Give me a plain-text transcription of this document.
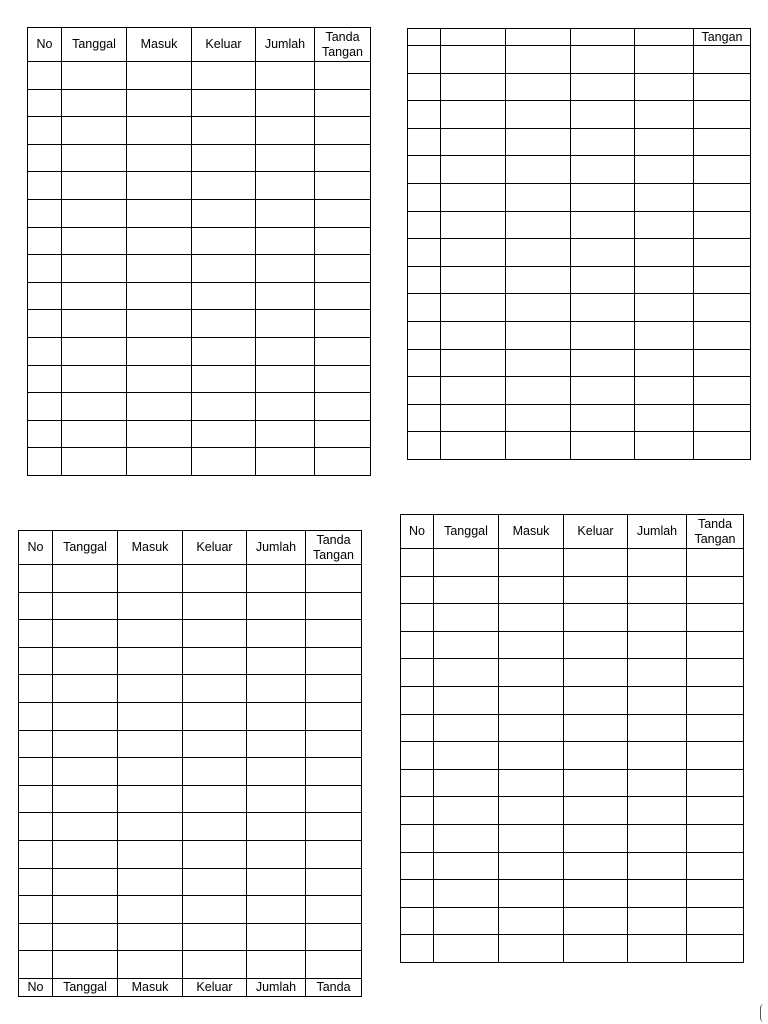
No	Tanggal	Masuk	Keluar	Jumlah	Tanda Tangan

					Tangan

No	Tanggal	Masuk	Keluar	Jumlah	Tanda Tangan

No	Tanggal	Masuk	Keluar	Jumlah	Tanda
No	Tanggal	Masuk	Keluar	Jumlah	Tanda Tangan
